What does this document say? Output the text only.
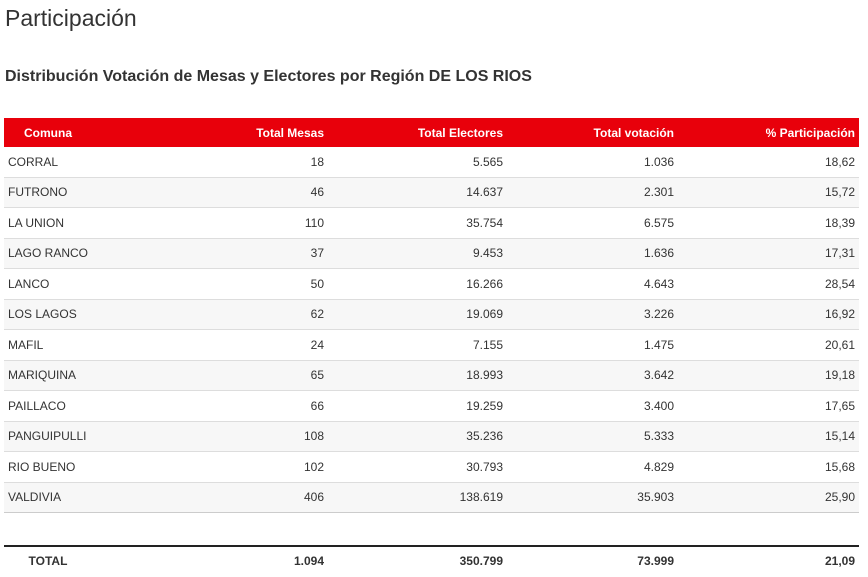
Participación
Distribución Votación de Mesas y Electores por Región DE LOS RIOS
Comuna	Total Mesas	Total Electores	Total votación	% Participación
CORRAL	18	5.565	1.036	18,62
FUTRONO	46	14.637	2.301	15,72
LA UNION	110	35.754	6.575	18,39
LAGO RANCO	37	9.453	1.636	17,31
LANCO	50	16.266	4.643	28,54
LOS LAGOS	62	19.069	3.226	16,92
MAFIL	24	7.155	1.475	20,61
MARIQUINA	65	18.993	3.642	19,18
PAILLACO	66	19.259	3.400	17,65
PANGUIPULLI	108	35.236	5.333	15,14
RIO BUENO	102	30.793	4.829	15,68
VALDIVIA	406	138.619	35.903	25,90
TOTAL	1.094	350.799	73.999	21,09
